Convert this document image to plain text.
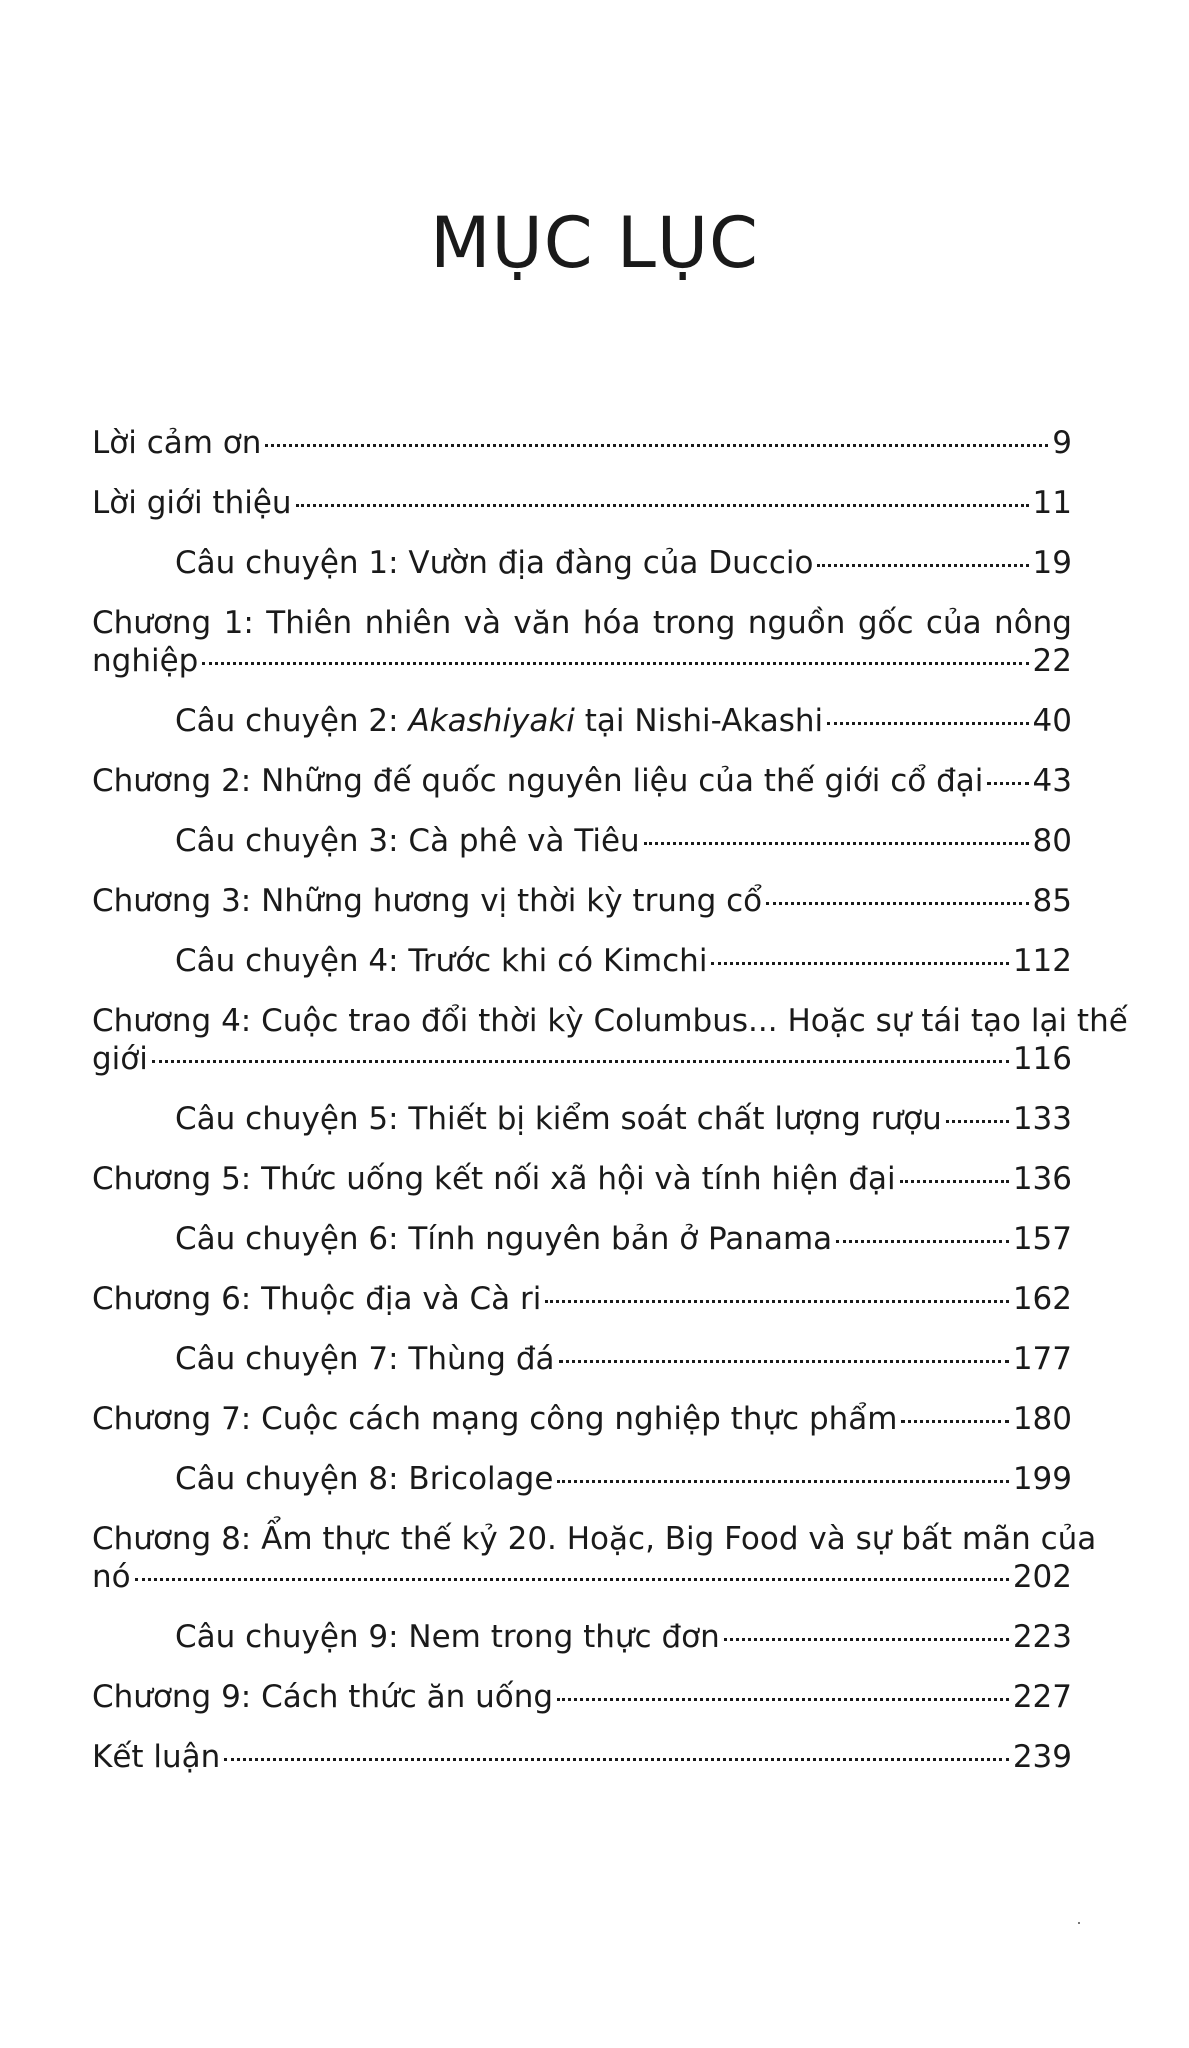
MỤC LỤC
Lời cảm ơn	9
Lời giới thiệu	11
Câu chuyện 1: Vườn địa đàng của Duccio	19
Chương 1: Thiên nhiên và văn hóa trong nguồn gốc của nông
nghiệp	22
Câu chuyện 2: Akashiyaki tại Nishi-Akashi	40
Chương 2: Những đế quốc nguyên liệu của thế giới cổ đại 43
Câu chuyện 3: Cà phê và Tiêu	80
Chương 3: Những hương vị thời kỳ trung cổ	85
Câu chuyện 4: Trước khi có Kimchi	112
Chương 4: Cuộc trao đổi thời kỳ Columbus... Hoặc sự tái tạo lại thế
giới	116
Câu chuyện 5: Thiết bị kiểm soát chất lượng rượu 133
Chương 5: Thức uống kết nối xã hội và tính hiện đại	136
Câu chuyện 6: Tính nguyên bản ở Panama	157
Chương 6: Thuộc địa và Cà ri	162
Câu chuyện 7: Thùng đá	177
Chương 7: Cuộc cách mạng công nghiệp thực phẩm	180
Câu chuyện 8: Bricolage	199
Chương 8: Ẩm thực thế kỷ 20. Hoặc, Big Food và sự bất mãn của
nó	202
Câu chuyện 9: Nem trong thực đơn	223
Chương 9: Cách thức ăn uống	227
Kết luận	239
